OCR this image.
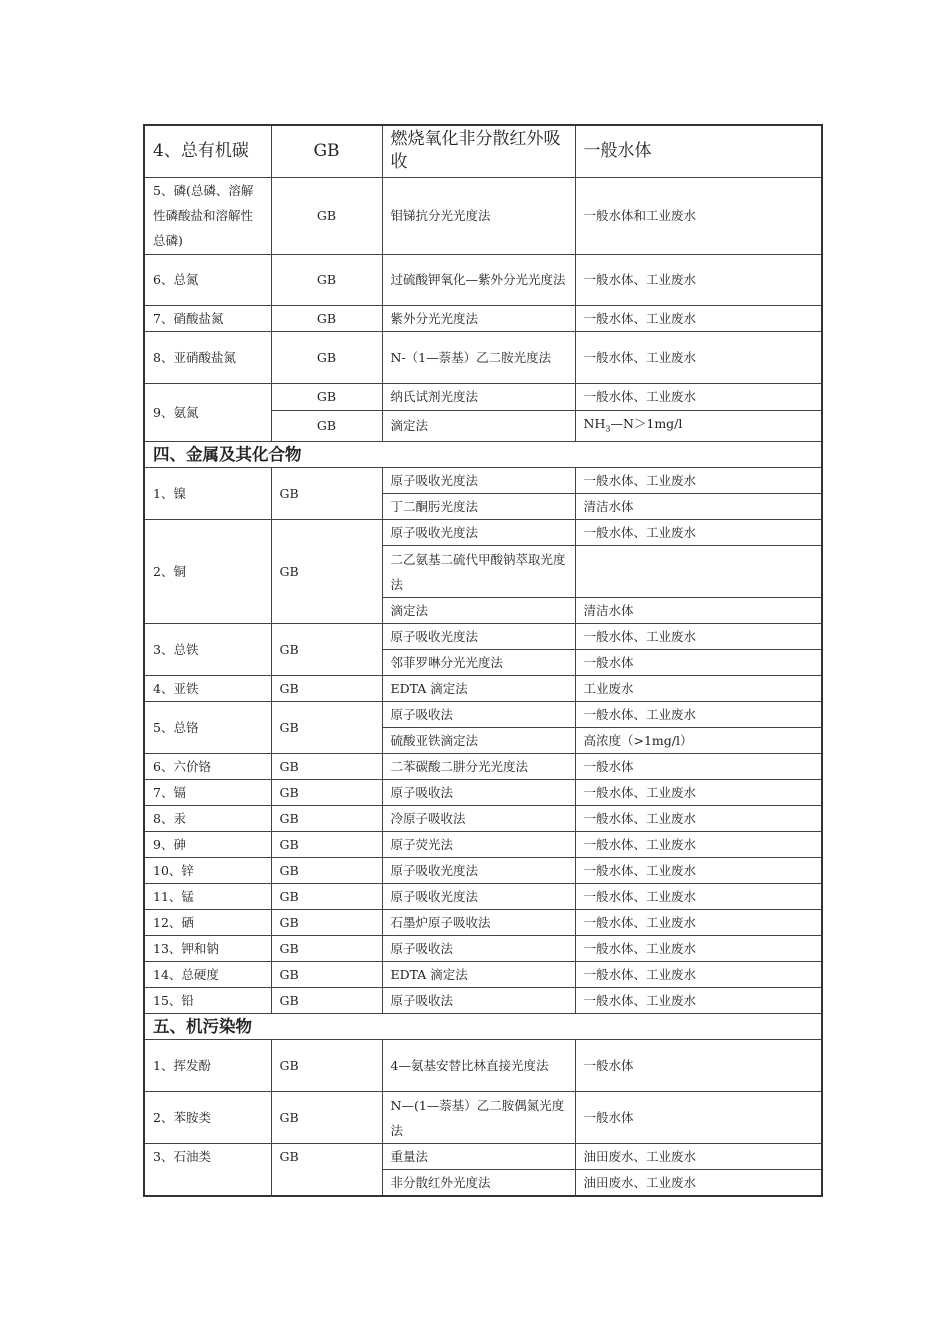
4、总有机碳	GB	燃烧氧化非分散红外吸收	一般水体
5、磷(总磷、溶解性磷酸盐和溶解性总磷)	GB	钼锑抗分光光度法	一般水体和工业废水
6、总氮	GB	过硫酸钾氧化—紫外分光光度法	一般水体、工业废水
7、硝酸盐氮	GB	紫外分光光度法	一般水体、工业废水
8、亚硝酸盐氮	GB	N-（1—萘基）乙二胺光度法	一般水体、工业废水
9、氨氮	GB	纳氏试剂光度法	一般水体、工业废水
	GB	滴定法	$NH_3—N>1mg/l$
四、金属及其化合物			
1、镍	GB	原子吸收光度法	一般水体、工业废水
		丁二酮肟光度法	清洁水体
2、铜	GB	原子吸收光度法	一般水体、工业废水
		二乙氨基二硫代甲酸钠萃取光度法	
		滴定法	清洁水体
3、总铁	GB	原子吸收光度法	一般水体、工业废水
		邻菲罗啉分光光度法	一般水体
4、亚铁	GB	EDTA 滴定法	工业废水
5、总铬	GB	原子吸收法	一般水体、工业废水
		硫酸亚铁滴定法	高浓度（>1mg/l）
6、六价铬	GB	二苯碳酸二肼分光光度法	一般水体
7、镉	GB	原子吸收法	一般水体、工业废水
8、汞	GB	冷原子吸收法	一般水体、工业废水
9、砷	GB	原子荧光法	一般水体、工业废水
10、锌	GB	原子吸收光度法	一般水体、工业废水
11、锰	GB	原子吸收光度法	一般水体、工业废水
12、硒	GB	石墨炉原子吸收法	一般水体、工业废水
13、钾和钠	GB	原子吸收法	一般水体、工业废水
14、总硬度	GB	EDTA 滴定法	一般水体、工业废水
15、铅	GB	原子吸收法	一般水体、工业废水
五、机污染物			
1、挥发酚	GB	4—氨基安替比林直接光度法	一般水体
2、苯胺类	GB	N—(1—萘基）乙二胺偶氮光度法	一般水体
3、石油类	GB	重量法	油田废水、工业废水
		非分散红外光度法	油田废水、工业废水
